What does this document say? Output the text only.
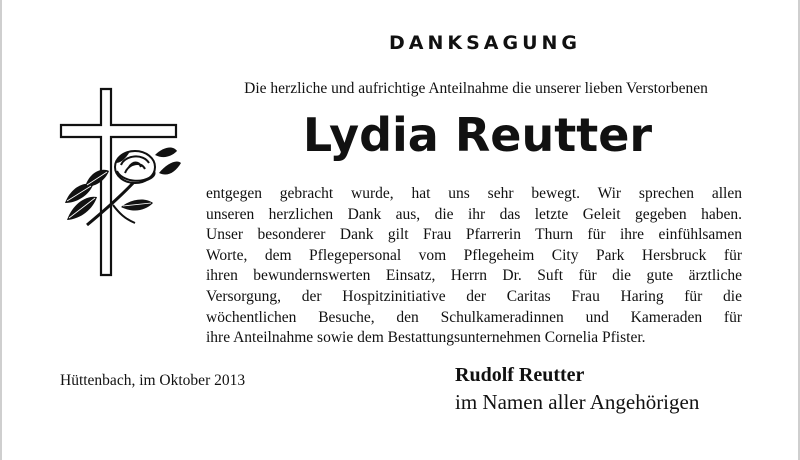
DANKSAGUNG
Die herzliche und aufrichtige Anteilnahme die unserer lieben Verstorbenen
Lydia Reutter
entgegen gebracht wurde, hat uns sehr bewegt. Wir sprechen allen
unseren herzlichen Dank aus, die ihr das letzte Geleit gegeben haben.
Unser besonderer Dank gilt Frau Pfarrerin Thurn für ihre einfühlsamen
Worte, dem Pflegepersonal vom Pflegeheim City Park Hersbruck für
ihren bewundernswerten Einsatz, Herrn Dr. Suft für die gute ärztliche
Versorgung, der Hospitzinitiative der Caritas Frau Haring für die
wöchentlichen Besuche, den Schulkameradinnen und Kameraden für
ihre Anteilnahme sowie dem Bestattungsunternehmen Cornelia Pfister.
Hüttenbach, im Oktober 2013	Rudolf Reutter
im Namen aller Angehörigen
